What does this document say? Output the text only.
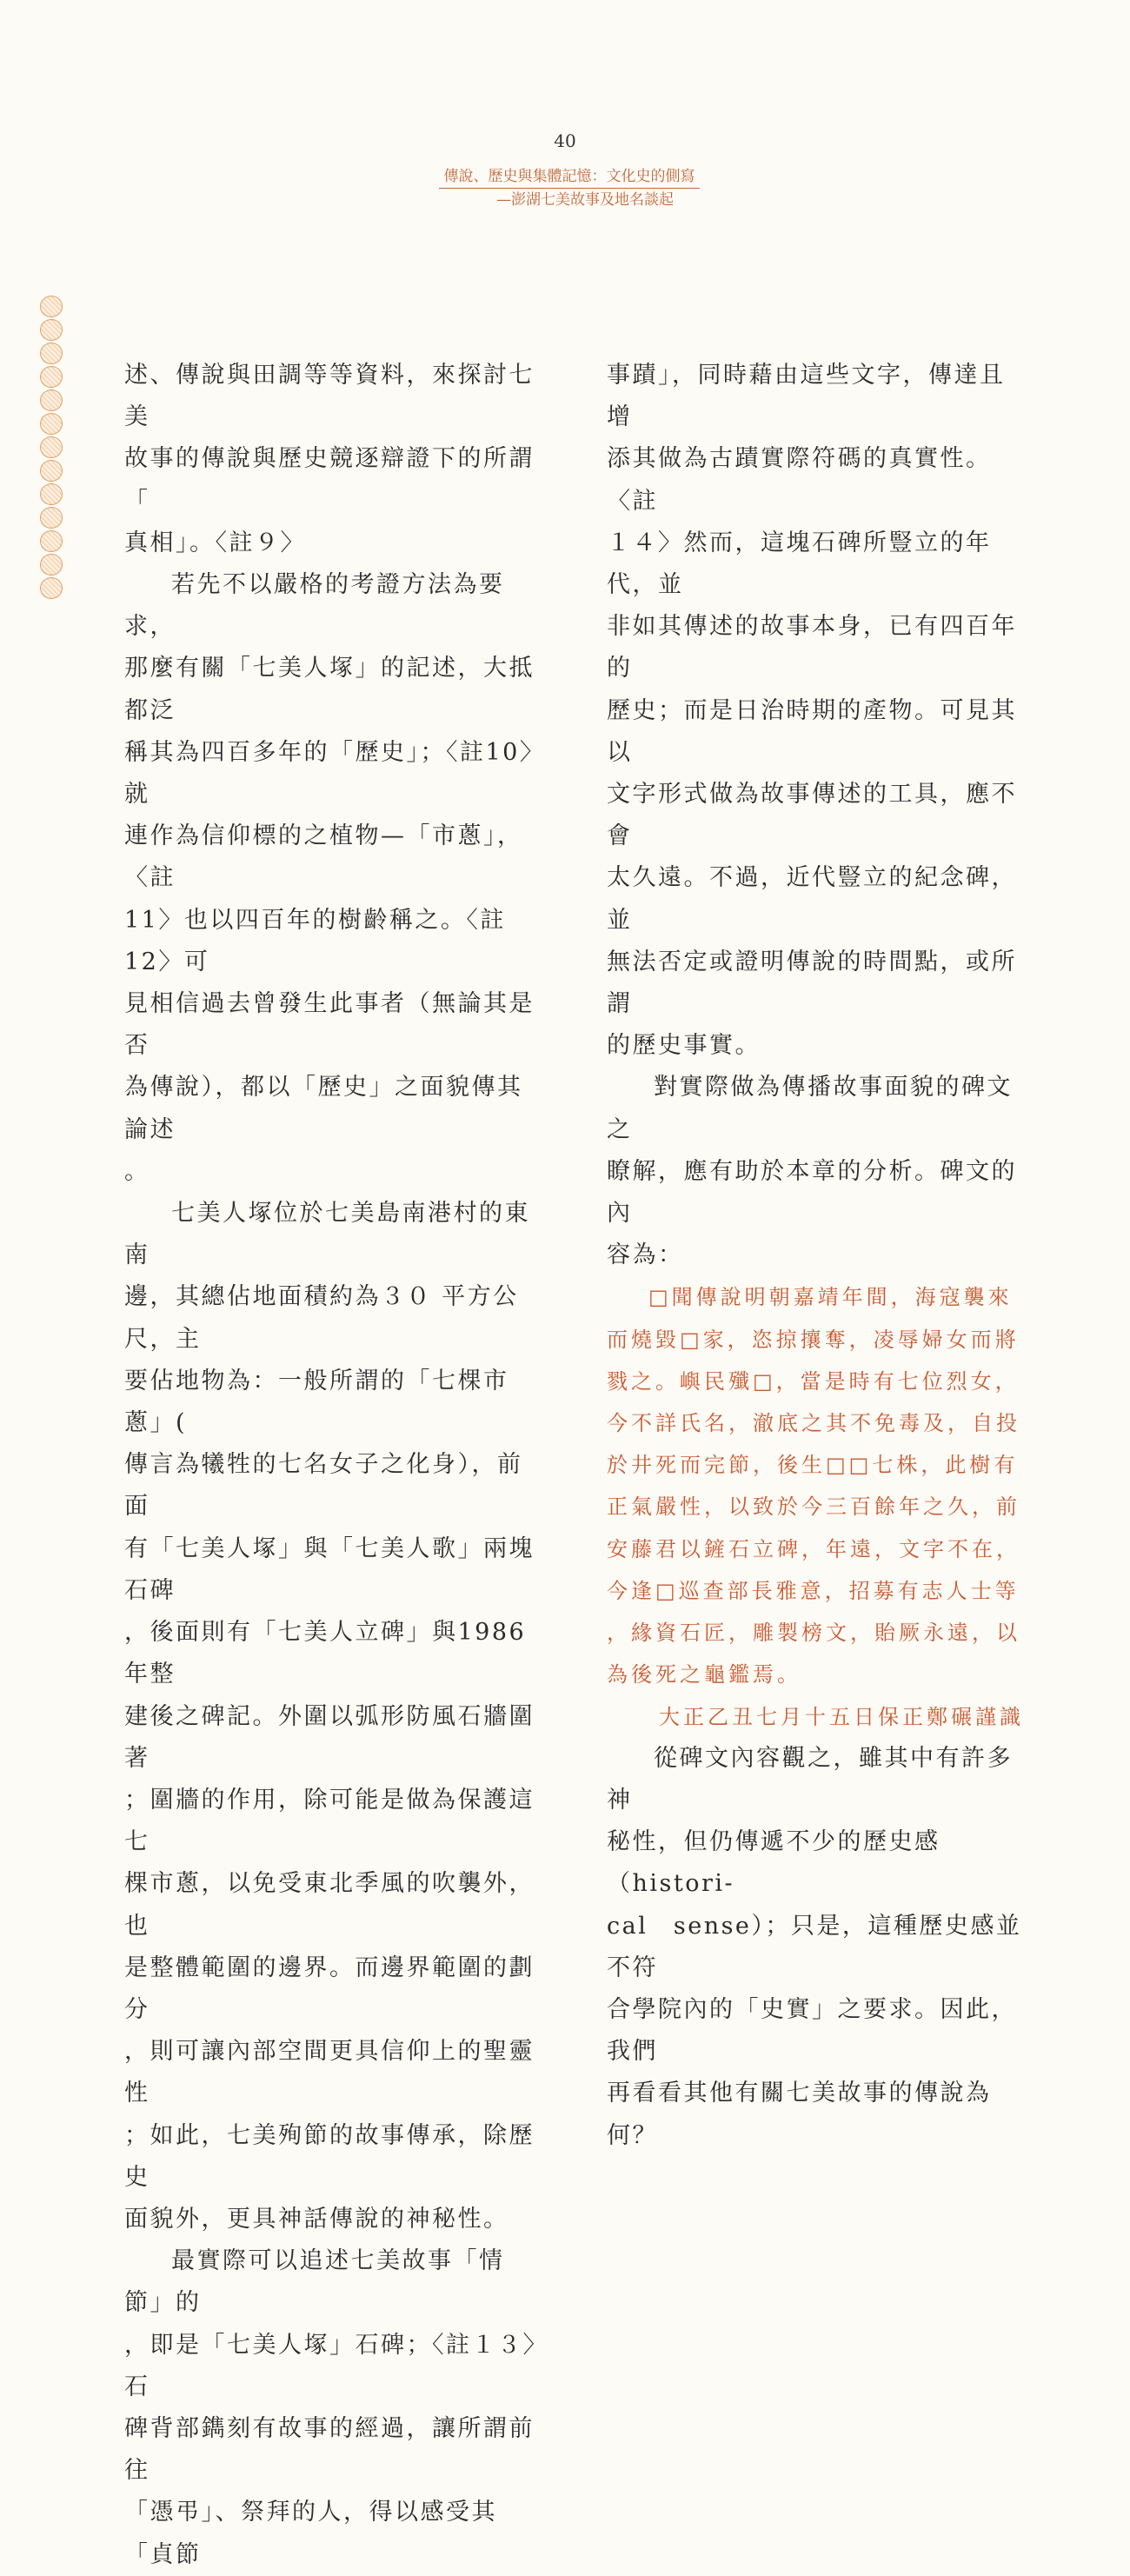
40
傳說、歷史與集體記憶：文化史的側寫
—澎湖七美故事及地名談起

述、傳說與田調等等資料，來探討七美

故事的傳說與歷史競逐辯證下的所謂「

真相」。〈註９〉

若先不以嚴格的考證方法為要求，

那麼有關「七美人塚」的記述，大抵都泛

稱其為四百多年的「歷史」；〈註10〉就

連作為信仰標的之植物—「市蔥」，〈註

11〉也以四百年的樹齡稱之。〈註12〉可

見相信過去曾發生此事者（無論其是否

為傳說），都以「歷史」之面貌傳其論述

。

七美人塚位於七美島南港村的東南

邊，其總佔地面積約為３０ 平方公尺，主

要佔地物為：一般所謂的「七棵市蔥」(

傳言為犧牲的七名女子之化身），前面

有「七美人塚」與「七美人歌」兩塊石碑

，後面則有「七美人立碑」與1986 年整

建後之碑記。外圍以弧形防風石牆圍著

；圍牆的作用，除可能是做為保護這七

棵市蔥，以免受東北季風的吹襲外，也

是整體範圍的邊界。而邊界範圍的劃分

，則可讓內部空間更具信仰上的聖靈性

；如此，七美殉節的故事傳承，除歷史

面貌外，更具神話傳說的神秘性。

最實際可以追述七美故事「情節」的

，即是「七美人塚」石碑；〈註１３〉石

碑背部鐫刻有故事的經過，讓所謂前往

「憑弔」、祭拜的人，得以感受其「貞節

事蹟」，同時藉由這些文字，傳達且增

添其做為古蹟實際符碼的真實性。〈註

１４〉然而，這塊石碑所豎立的年代，並

非如其傳述的故事本身，已有四百年的

歷史；而是日治時期的產物。可見其以

文字形式做為故事傳述的工具，應不會

太久遠。不過，近代豎立的紀念碑，並

無法否定或證明傳說的時間點，或所謂

的歷史事實。

對實際做為傳播故事面貌的碑文之

瞭解，應有助於本章的分析。碑文的內

容為：

□聞傳說明朝嘉靖年間，海寇襲來

而燒毀□家，恣掠攘奪，凌辱婦女而將

戮之。嶼民殲□，當是時有七位烈女，

今不詳氏名，澈底之其不免毒及，自投

於井死而完節，後生□□七株，此樹有

正氣嚴性，以致於今三百餘年之久，前

安藤君以鏟石立碑，年遠，文字不在，

今逢□巡查部長雅意，招募有志人士等

，緣資石匠，雕製榜文，貽厥永遠，以

為後死之龜鑑焉。

大正乙丑七月十五日保正鄭碾謹識

從碑文內容觀之，雖其中有許多神

秘性，但仍傳遞不少的歷史感（histori-

cal　sense）；只是，這種歷史感並不符

合學院內的「史實」之要求。因此，我們

再看看其他有關七美故事的傳說為何？
